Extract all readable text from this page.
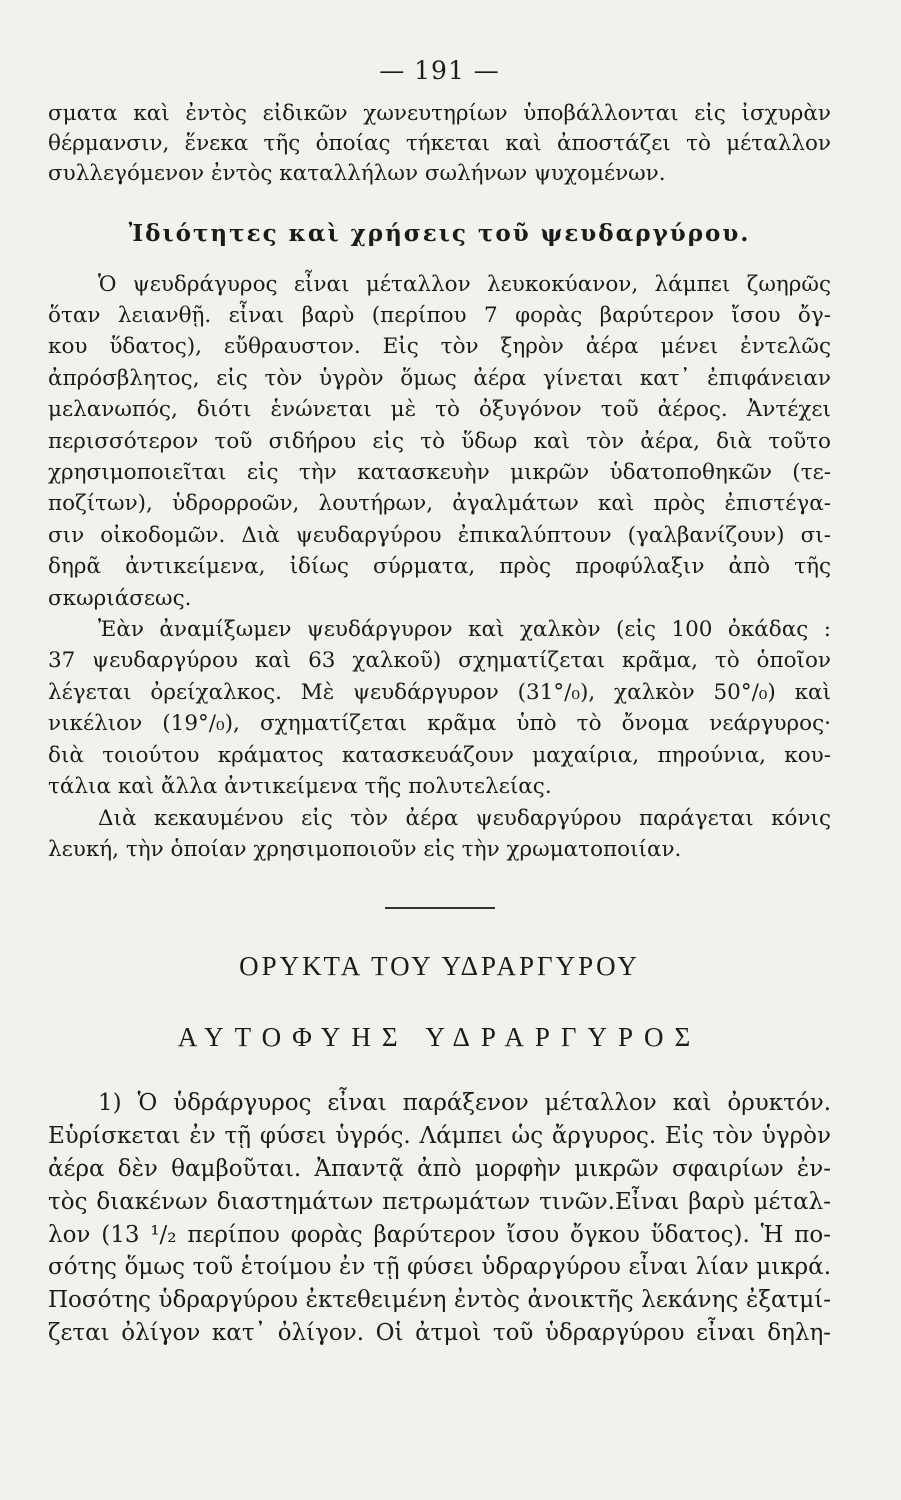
— 191 —
σματα καὶ ἐντὸς εἰδικῶν χωνευτηρίων ὑποβάλλονται εἰς ἰσχυρὰν
θέρμανσιν, ἕνεκα τῆς ὁποίας τήκεται καὶ ἀποστάζει τὸ μέταλλον
συλλεγόμενον ἐντὸς καταλλήλων σωλήνων ψυχομένων.
Ἰδιότητες καὶ χρήσεις τοῦ ψευδαργύρου.
Ὁ ψευδράγυρος εἶναι μέταλλον λευκοκύανον, λάμπει ζωηρῶς
ὅταν λειανθῇ. εἶναι βαρὺ (περίπου 7 φορὰς βαρύτερον ἴσου ὄγ-
κου ὕδατος), εὔθραυστον. Εἰς τὸν ξηρὸν ἀέρα μένει ἐντελῶς
ἀπρόσβλητος, εἰς τὸν ὑγρὸν ὅμως ἀέρα γίνεται κατ᾽ ἐπιφάνειαν
μελανωπός, διότι ἑνώνεται μὲ τὸ ὀξυγόνον τοῦ ἀέρος. Ἀντέχει
περισσότερον τοῦ σιδήρου εἰς τὸ ὕδωρ καὶ τὸν ἀέρα, διὰ τοῦτο
χρησιμοποιεῖται εἰς τὴν κατασκευὴν μικρῶν ὑδατοποθηκῶν (τε-
ποζίτων), ὑδρορροῶν, λουτήρων, ἀγαλμάτων καὶ πρὸς ἐπιστέγα-
σιν οἰκοδομῶν. Διὰ ψευδαργύρου ἐπικαλύπτουν (γαλβανίζουν) σι-
δηρᾶ ἀντικείμενα, ἰδίως σύρματα, πρὸς προφύλαξιν ἀπὸ τῆς
σκωριάσεως.
Ἐὰν ἀναμίξωμεν ψευδάργυρον καὶ χαλκὸν (εἰς 100 ὀκάδας :
37 ψευδαργύρου καὶ 63 χαλκοῦ) σχηματίζεται κρᾶμα, τὸ ὁποῖον
λέγεται ὀρείχαλκος. Μὲ ψευδάργυρον (31°/₀), χαλκὸν 50°/₀) καὶ
νικέλιον (19°/₀), σχηματίζεται κρᾶμα ὑπὸ τὸ ὄνομα νεάργυρος·
διὰ τοιούτου κράματος κατασκευάζουν μαχαίρια, πηρούνια, κου-
τάλια καὶ ἄλλα ἀντικείμενα τῆς πολυτελείας.
Διὰ κεκαυμένου εἰς τὸν ἀέρα ψευδαργύρου παράγεται κόνις
λευκή, τὴν ὁποίαν χρησιμοποιοῦν εἰς τὴν χρωματοποιίαν.
ΟΡΥΚΤΑ ΤΟΥ ΥΔΡΑΡΓΥΡΟΥ
ΑΥΤΟΦΥΗΣ ΥΔΡΑΡΓΥΡΟΣ
1) Ὁ ὑδράργυρος εἶναι παράξενον μέταλλον καὶ ὀρυκτόν.
Εὑρίσκεται ἐν τῇ φύσει ὑγρός. Λάμπει ὡς ἄργυρος. Εἰς τὸν ὑγρὸν
ἀέρα δὲν θαμβοῦται. Ἀπαντᾷ ἀπὸ μορφὴν μικρῶν σφαιρίων ἐν-
τὸς διακένων διαστημάτων πετρωμάτων τινῶν.Εἶναι βαρὺ μέταλ-
λον (13 ¹/₂ περίπου φορὰς βαρύτερον ἴσου ὄγκου ὕδατος). Ἡ πο-
σότης ὅμως τοῦ ἑτοίμου ἐν τῇ φύσει ὑδραργύρου εἶναι λίαν μικρά.
Ποσότης ὑδραργύρου ἐκτεθειμένη ἐντὸς ἀνοικτῆς λεκάνης ἐξατμί-
ζεται ὀλίγον κατ᾽ ὀλίγον. Οἱ ἀτμοὶ τοῦ ὑδραργύρου εἶναι δηλη-
